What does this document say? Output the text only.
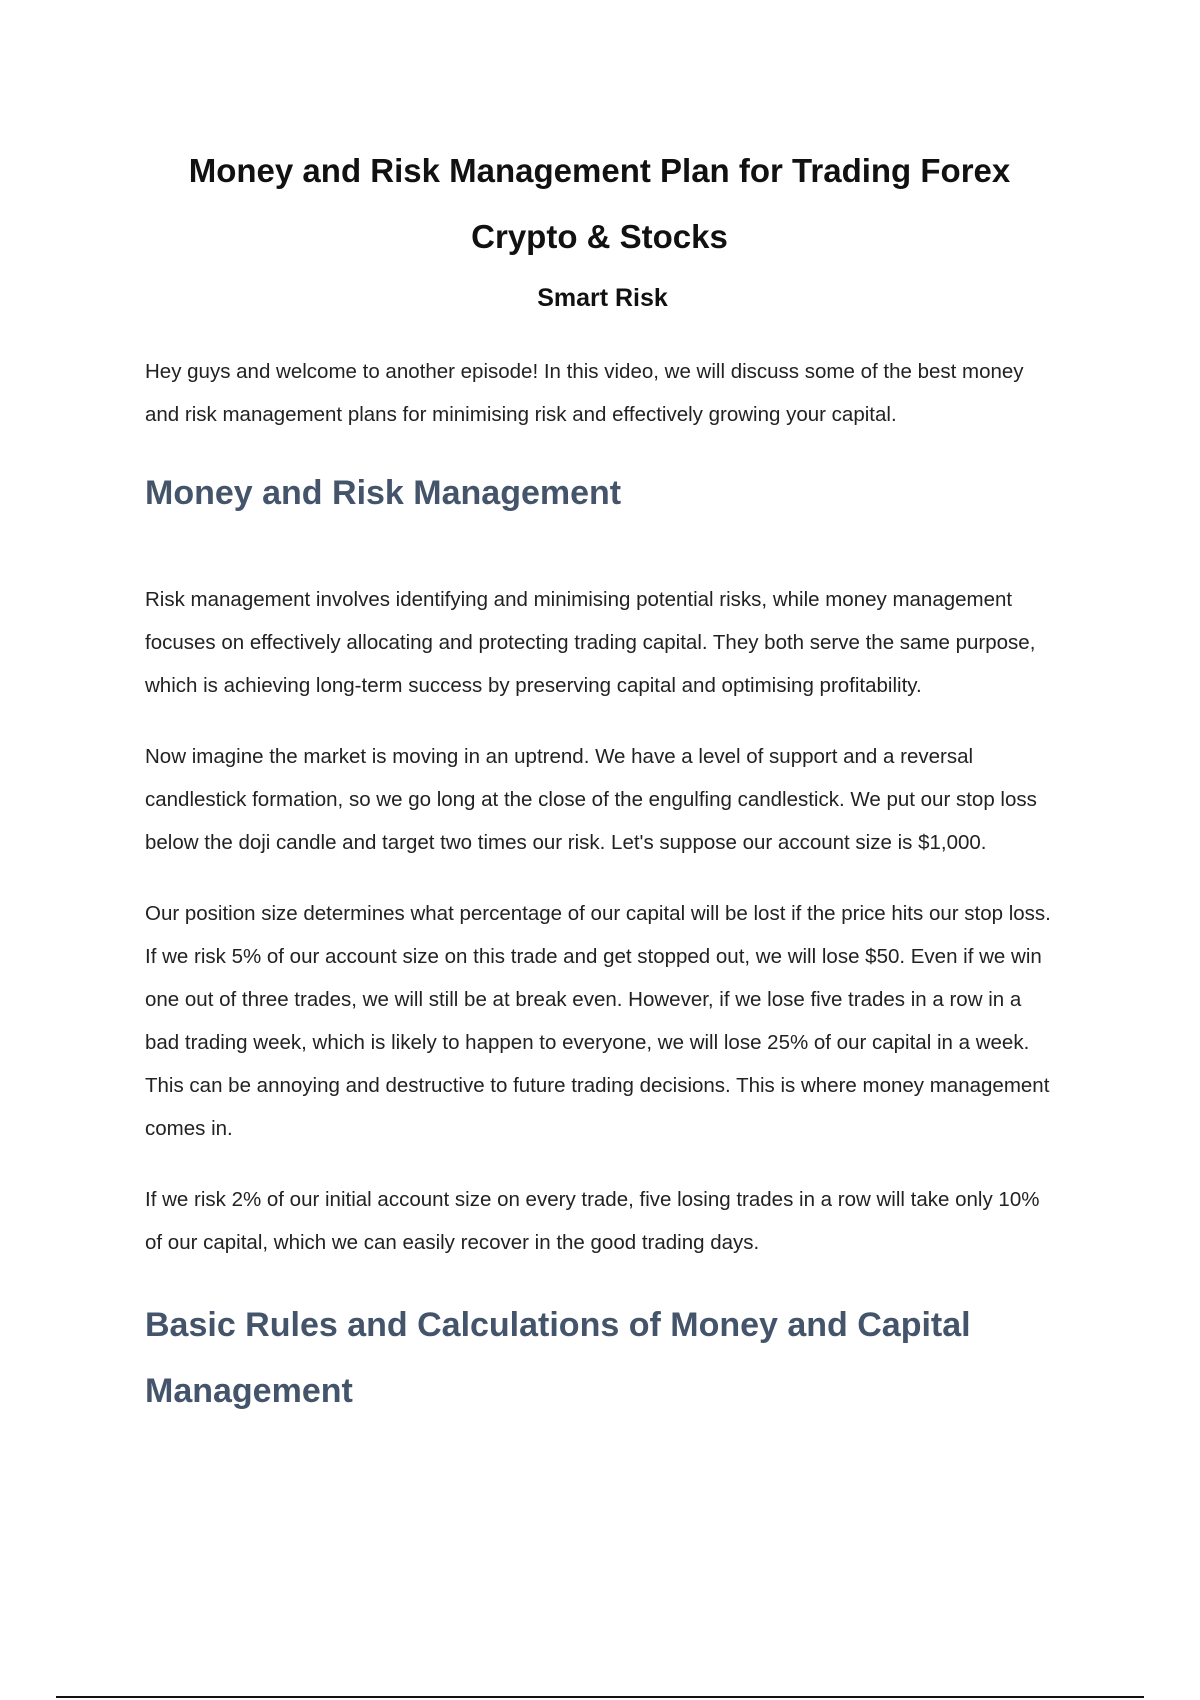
Money and Risk Management Plan for Trading Forex Crypto & Stocks
Smart Risk

Hey guys and welcome to another episode! In this video, we will discuss some of the best money and risk management plans for minimising risk and effectively growing your capital.

Money and Risk Management

Risk management involves identifying and minimising potential risks, while money management focuses on effectively allocating and protecting trading capital. They both serve the same purpose, which is achieving long-term success by preserving capital and optimising profitability.

Now imagine the market is moving in an uptrend. We have a level of support and a reversal candlestick formation, so we go long at the close of the engulfing candlestick. We put our stop loss below the doji candle and target two times our risk. Let's suppose our account size is $1,000.

Our position size determines what percentage of our capital will be lost if the price hits our stop loss. If we risk 5% of our account size on this trade and get stopped out, we will lose $50. Even if we win one out of three trades, we will still be at break even. However, if we lose five trades in a row in a bad trading week, which is likely to happen to everyone, we will lose 25% of our capital in a week. This can be annoying and destructive to future trading decisions. This is where money management comes in.

If we risk 2% of our initial account size on every trade, five losing trades in a row will take only 10% of our capital, which we can easily recover in the good trading days.

Basic Rules and Calculations of Money and Capital Management
